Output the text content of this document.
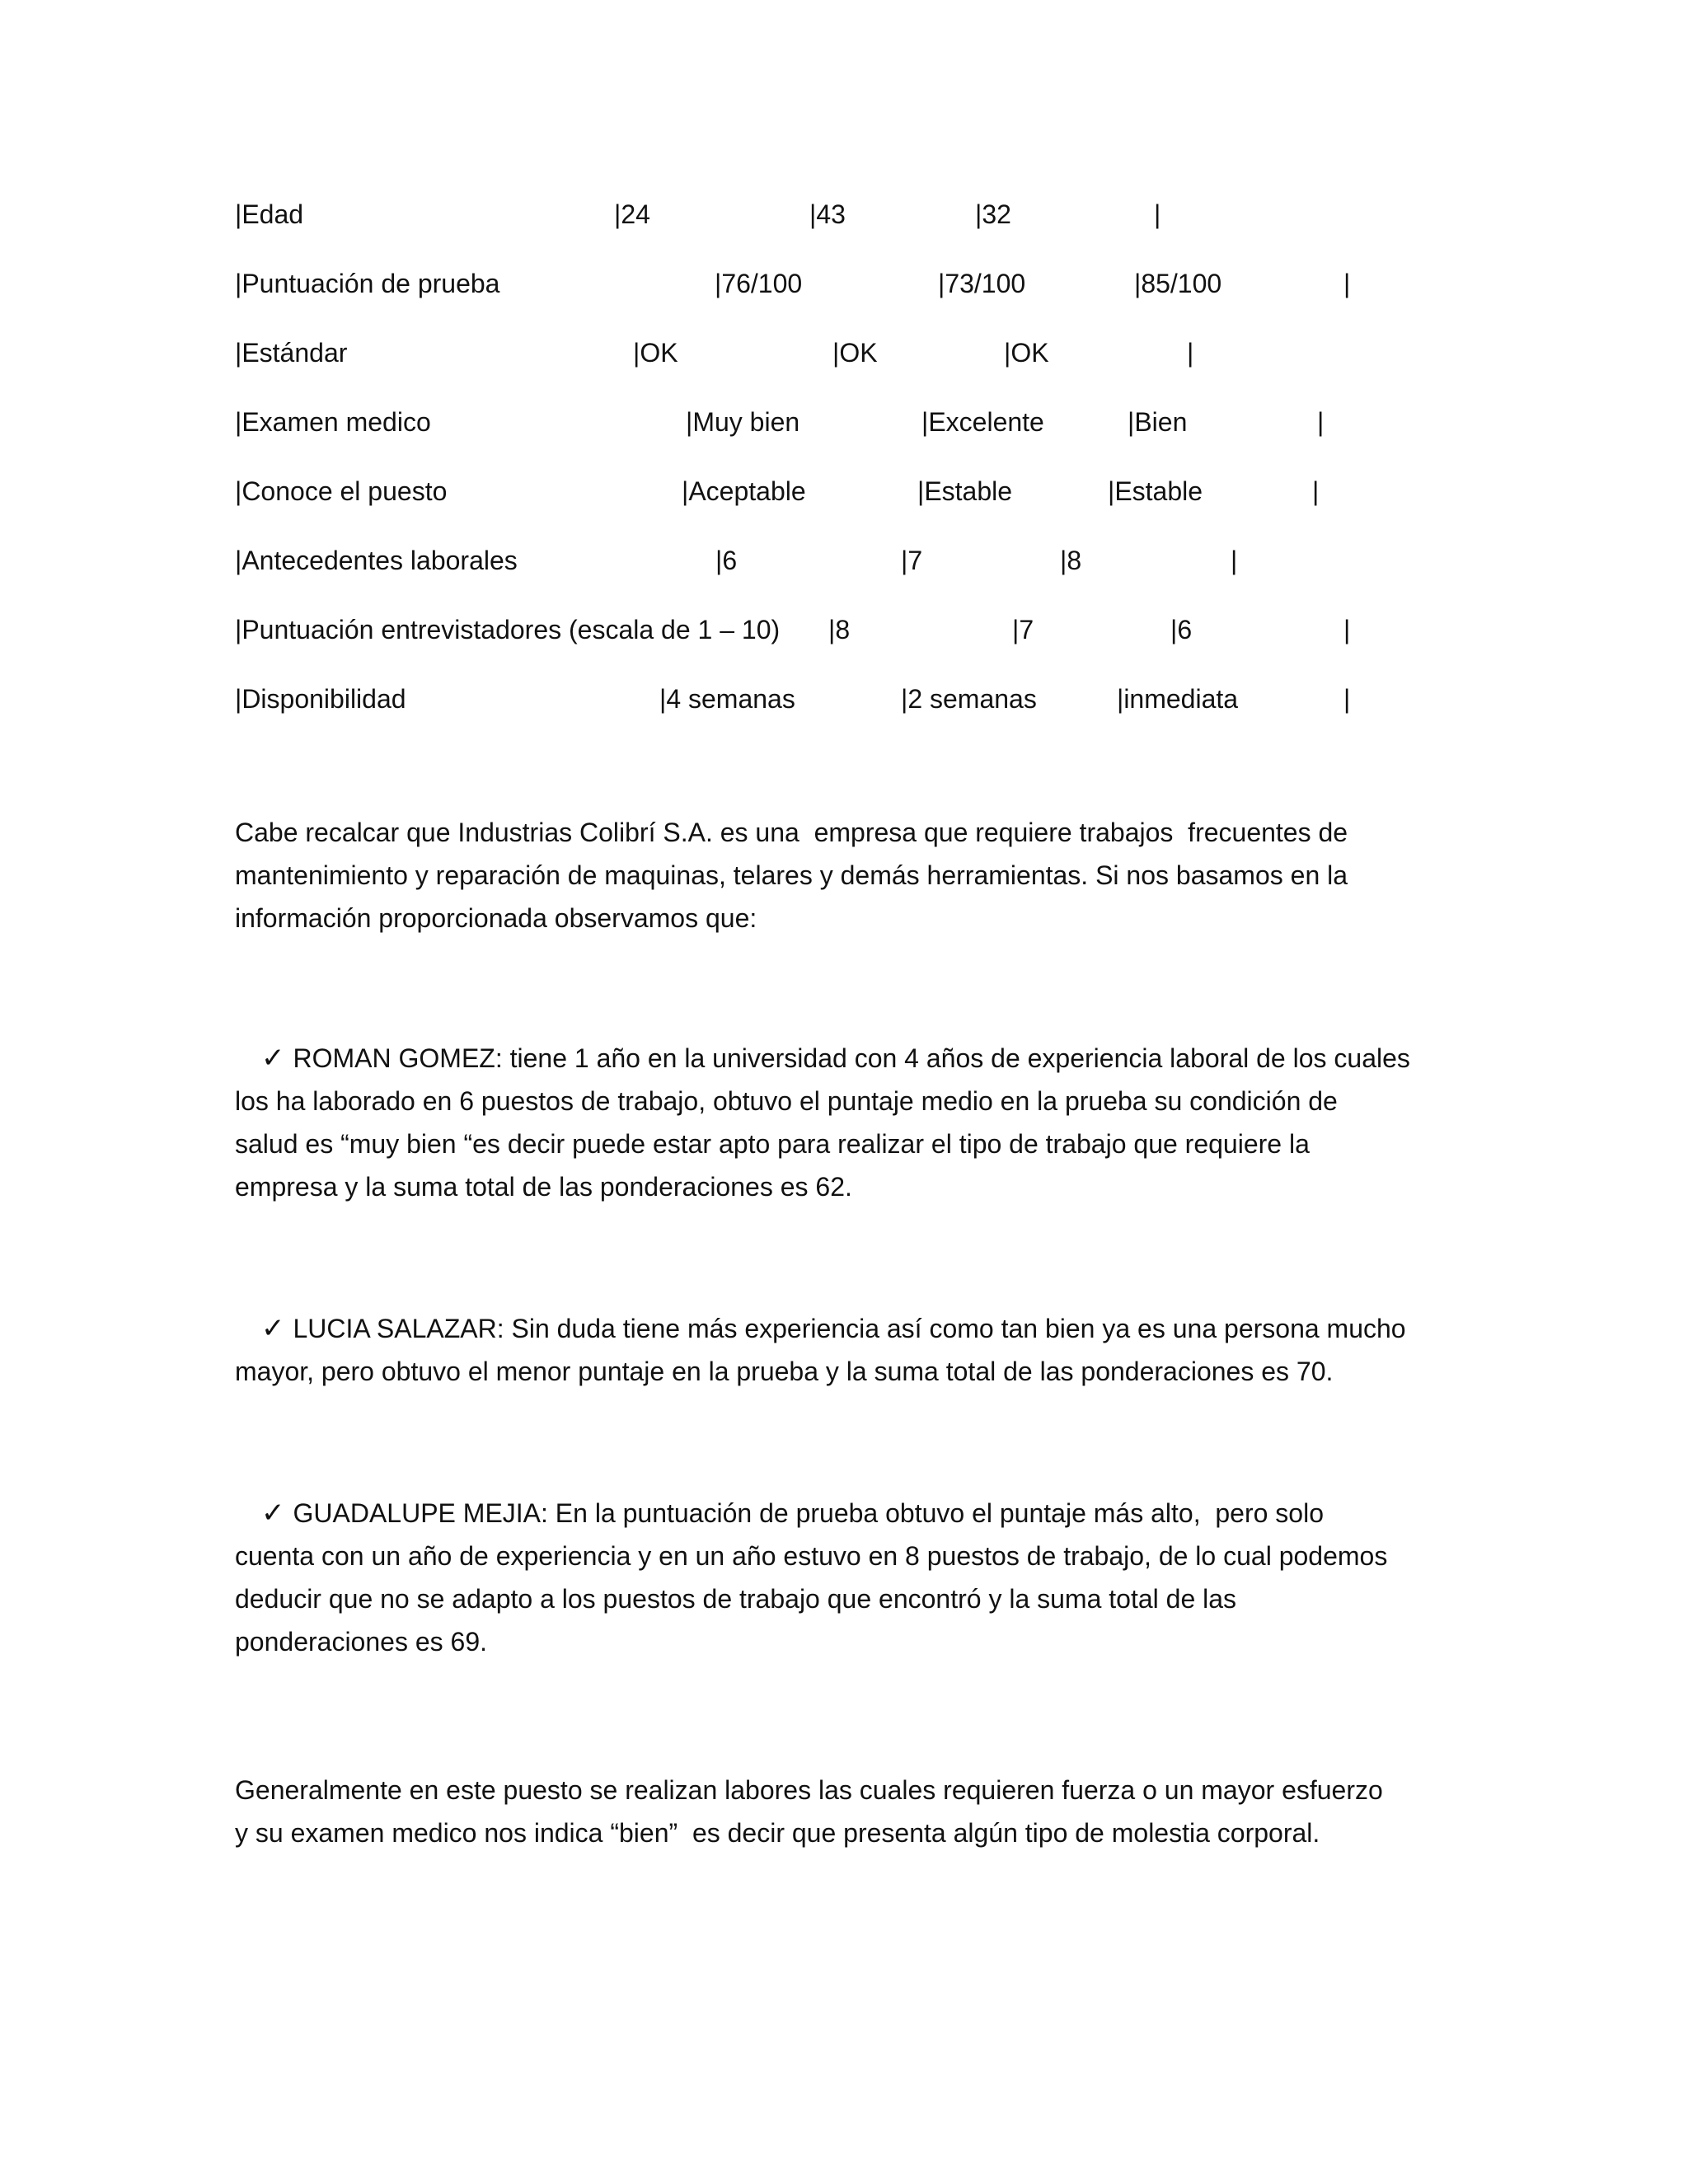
|Edad	|24	|43	|32	|
|Puntuación de prueba	|76/100	|73/100	|85/100	|
|Estándar	|OK	|OK	|OK	|
|Examen medico	|Muy bien	|Excelente	|Bien	|
|Conoce el puesto	|Aceptable	|Estable	|Estable	|
|Antecedentes laborales	|6	|7	|8	|
|Puntuación entrevistadores (escala de 1 – 10) |8	|7	|6	|
|Disponibilidad	|4 semanas	|2 semanas	|inmediata	|

Cabe recalcar que Industrias Colibrí S.A. es una  empresa que requiere trabajos  frecuentes de
mantenimiento y reparación de maquinas, telares y demás herramientas. Si nos basamos en la
información proporcionada observamos que:

✓ ROMAN GOMEZ: tiene 1 año en la universidad con 4 años de experiencia laboral de los cuales
los ha laborado en 6 puestos de trabajo, obtuvo el puntaje medio en la prueba su condición de
salud es “muy bien “es decir puede estar apto para realizar el tipo de trabajo que requiere la
empresa y la suma total de las ponderaciones es 62.

✓ LUCIA SALAZAR: Sin duda tiene más experiencia así como tan bien ya es una persona mucho
mayor, pero obtuvo el menor puntaje en la prueba y la suma total de las ponderaciones es 70.

✓ GUADALUPE MEJIA: En la puntuación de prueba obtuvo el puntaje más alto,  pero solo
cuenta con un año de experiencia y en un año estuvo en 8 puestos de trabajo, de lo cual podemos
deducir que no se adapto a los puestos de trabajo que encontró y la suma total de las
ponderaciones es 69.

Generalmente en este puesto se realizan labores las cuales requieren fuerza o un mayor esfuerzo
y su examen medico nos indica “bien”  es decir que presenta algún tipo de molestia corporal.
